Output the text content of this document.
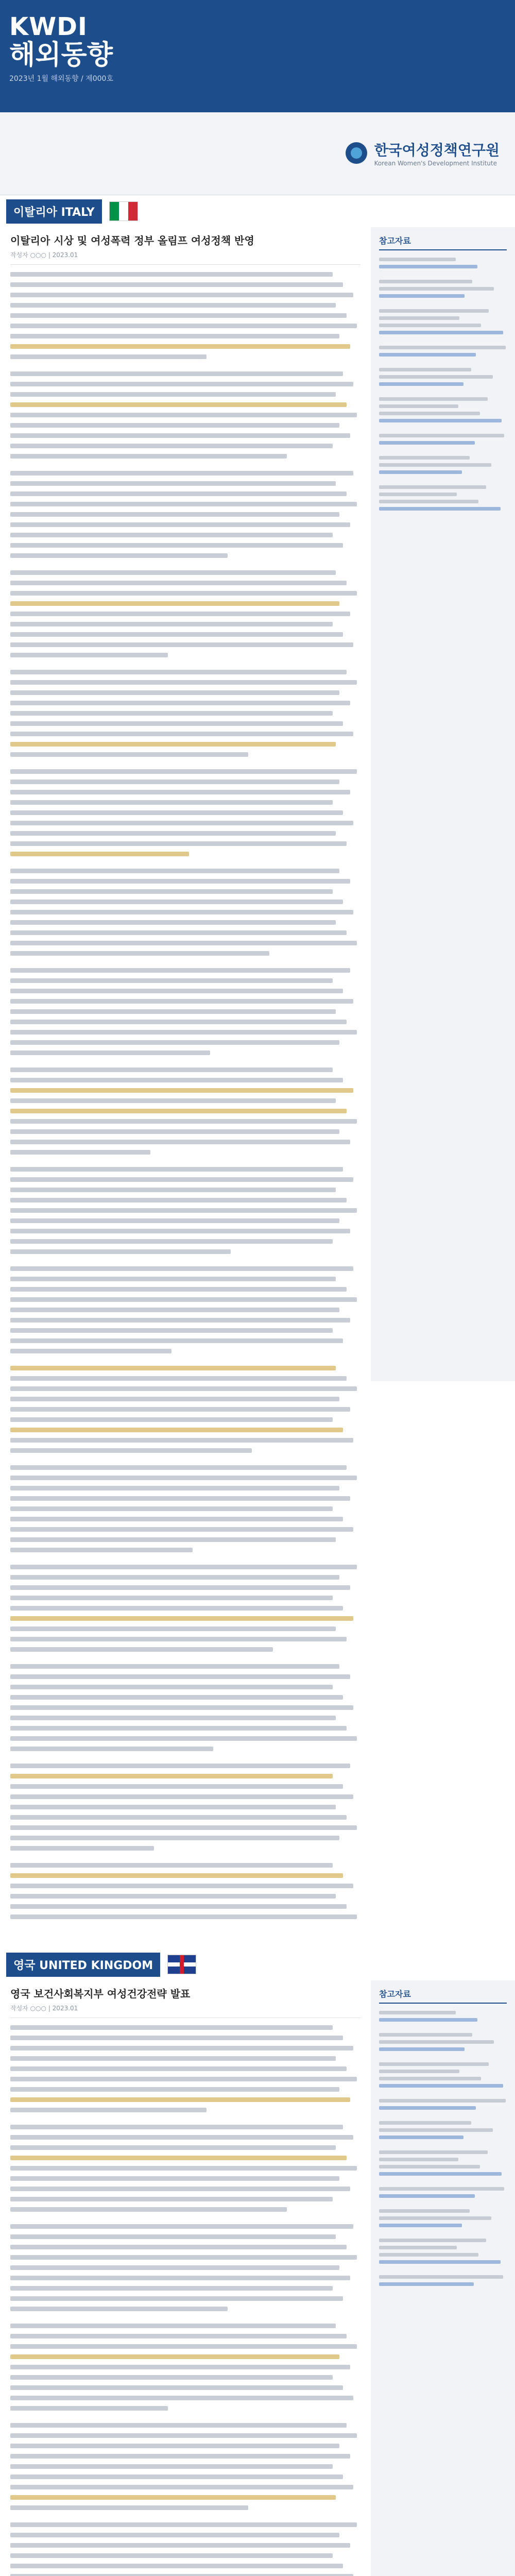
KWDI
해외동향
2023년 1월 해외동향 / 제000호
한국여성정책연구원
Korean Women's Development Institute
이탈리아 ITALY
이탈리아 시상 및 여성폭력 정부 올림프 여성정책 반영
작성자 ○○○ | 2023.01
참고자료
영국 UNITED KINGDOM
영국 보건사회복지부 여성건강전략 발표
작성자 ○○○ | 2023.01
참고자료
